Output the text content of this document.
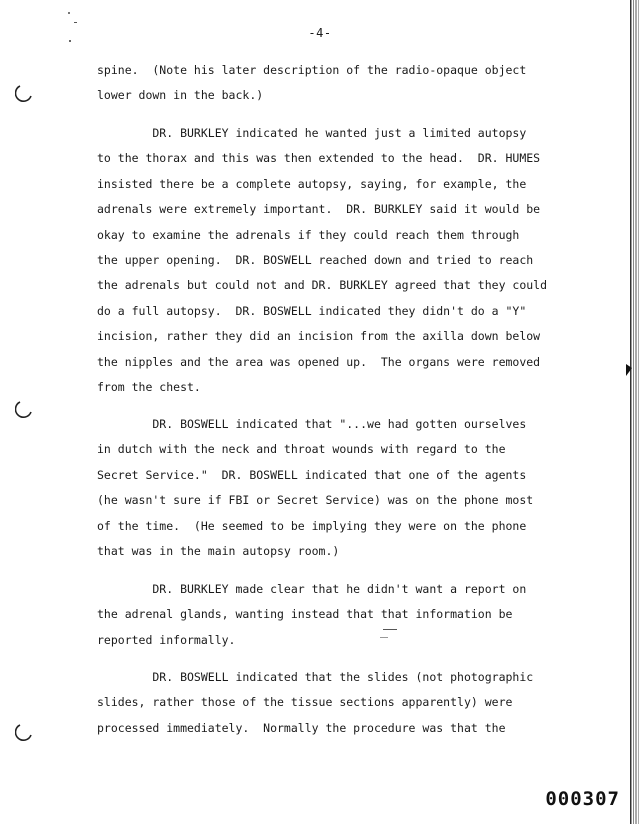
-4-
spine.  (Note his later description of the radio-opaque object
lower down in the back.)
DR. BURKLEY indicated he wanted just a limited autopsy
to the thorax and this was then extended to the head.  DR. HUMES
insisted there be a complete autopsy, saying, for example, the
adrenals were extremely important.  DR. BURKLEY said it would be
okay to examine the adrenals if they could reach them through
the upper opening.  DR. BOSWELL reached down and tried to reach
the adrenals but could not and DR. BURKLEY agreed that they could
do a full autopsy.  DR. BOSWELL indicated they didn't do a "Y"
incision, rather they did an incision from the axilla down below
the nipples and the area was opened up.  The organs were removed
from the chest.
DR. BOSWELL indicated that "...we had gotten ourselves
in dutch with the neck and throat wounds with regard to the
Secret Service."  DR. BOSWELL indicated that one of the agents
(he wasn't sure if FBI or Secret Service) was on the phone most
of the time.  (He seemed to be implying they were on the phone
that was in the main autopsy room.)
DR. BURKLEY made clear that he didn't want a report on
the adrenal glands, wanting instead that that information be
reported informally.
DR. BOSWELL indicated that the slides (not photographic
slides, rather those of the tissue sections apparently) were
processed immediately.  Normally the procedure was that the
000307
